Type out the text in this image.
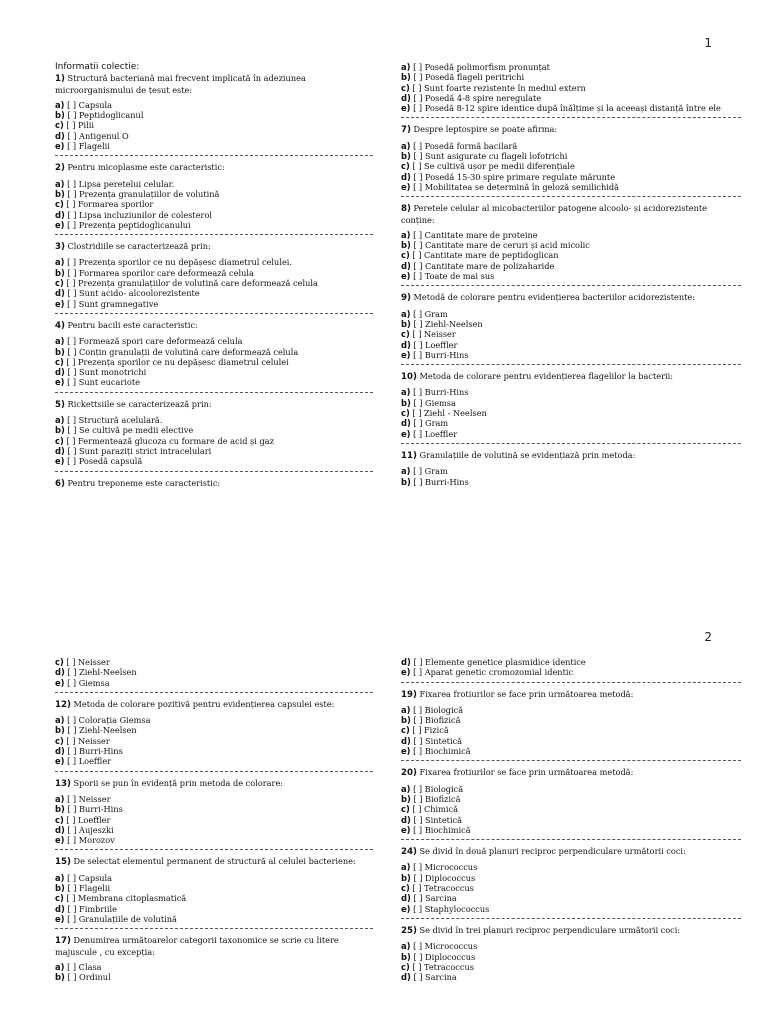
1
Informatii colectie:
1) Structură bacteriană mai frecvent implicată în adeziunea microorganismului de țesut este:
a) [ ] Capsula
b) [ ] Peptidoglicanul
c) [ ] Pilii
d) [ ] Antigenul O
e) [ ] Flagelii
2) Pentru micoplasme este caracteristic:
a) [ ] Lipsa peretelui celular.
b) [ ] Prezența granulațiilor de volutină
c) [ ] Formarea sporilor
d) [ ] Lipsa incluziunilor de colesterol
e) [ ] Prezența peptidoglicanului
3) Clostridiile se caracterizează prin:
a) [ ] Prezența sporilor ce nu depășesc diametrul celulei.
b) [ ] Formarea sporilor care deformează celula
c) [ ] Prezența granulațiilor de volutină care deformează celula
d) [ ] Sunt acido- alcoolorezistente
e) [ ] Sunt gramnegative
4) Pentru bacili este caracteristic:
a) [ ] Formează spori care deformează celula
b) [ ] Conțin granulații de volutină care deformează celula
c) [ ] Prezența sporilor ce nu depășesc diametrul celulei
d) [ ] Sunt monotrichi
e) [ ] Sunt eucariote
5) Rickettsiile se caracterizează prin:
a) [ ] Structură acelulară.
b) [ ] Se cultivă pe medii elective
c) [ ] Fermentează glucoza cu formare de acid și gaz
d) [ ] Sunt paraziți strict intracelulari
e) [ ] Posedă capsulă
6) Pentru treponeme este caracteristic:
a) [ ] Posedă polimorfism pronunțat
b) [ ] Posedă flageli peritrichi
c) [ ] Sunt foarte rezistente în mediul extern
d) [ ] Posedă 4-8 spire neregulate
e) [ ] Posedă 8-12 spire identice după înălțime și la aceeași distanță între ele
7) Despre leptospire se poate afirma:
a) [ ] Posedă formă bacilară
b) [ ] Sunt asigurate cu flageli lofotrichi
c) [ ] Se cultivă ușor pe medii diferențiale
d) [ ] Posedă 15-30 spire primare regulate mărunte
e) [ ] Mobilitatea se determină în geloză semilichidă
8) Peretele celular al micobacteriilor patogene alcoolo- și acidorezistente conține:
a) [ ] Cantitate mare de proteine
b) [ ] Cantitate mare de ceruri și acid micolic
c) [ ] Cantitate mare de peptidoglican
d) [ ] Cantitate mare de polizaharide
e) [ ] Toate de mai sus
9) Metodă de colorare pentru evidențierea bacteriilor acidorezistente:
a) [ ] Gram
b) [ ] Ziehl-Neelsen
c) [ ] Neisser
d) [ ] Loeffler
e) [ ] Burri-Hins
10) Metoda de colorare pentru evidențierea flagelilor la bacterii:
a) [ ] Burri-Hins
b) [ ] Giemsa
c) [ ] Ziehl - Neelsen
d) [ ] Gram
e) [ ] Loeffler
11) Granulațiile de volutină se evidențiază prin metoda:
a) [ ] Gram
b) [ ] Burri-Hins
2
c) [ ] Neisser
d) [ ] Ziehl-Neelsen
e) [ ] Giemsa
12) Metoda de colorare pozitivă pentru evidențierea capsulei este:
a) [ ] Colorația Giemsa
b) [ ] Ziehl-Neelsen
c) [ ] Neisser
d) [ ] Burri-Hins
e) [ ] Loeffler
13) Sporii se pun în evidență prin metoda de colorare:
a) [ ] Neisser
b) [ ] Burri-Hins
c) [ ] Loeffler
d) [ ] Aujeszki
e) [ ] Morozov
15) De selectat elementul permanent de structură al celulei bacteriene:
a) [ ] Capsula
b) [ ] Flagelii
c) [ ] Membrana citoplasmatică
d) [ ] Fimbriile
e) [ ] Granulațiile de volutină
17) Denumirea următoarelor categorii taxonomice se scrie cu litere majuscule , cu excepția:
a) [ ] Clasa
b) [ ] Ordinul
d) [ ] Elemente genetice plasmidice identice
e) [ ] Aparat genetic cromozomial identic
19) Fixarea frotiurilor se face prin următoarea metodă:
a) [ ] Biologică
b) [ ] Biofizică
c) [ ] Fizică
d) [ ] Sintetică
e) [ ] Biochimică
20) Fixarea frotiurilor se face prin următoarea metodă:
a) [ ] Biologică
b) [ ] Biofizică
c) [ ] Chimică
d) [ ] Sintetică
e) [ ] Biochimică
24) Se divid în două planuri reciproc perpendiculare următorii coci:
a) [ ] Micrococcus
b) [ ] Diplococcus
c) [ ] Tetracoccus
d) [ ] Sarcina
e) [ ] Staphylococcus
25) Se divid în trei planuri reciproc perpendiculare următorii coci:
a) [ ] Micrococcus
b) [ ] Diplococcus
c) [ ] Tetracoccus
d) [ ] Sarcina
